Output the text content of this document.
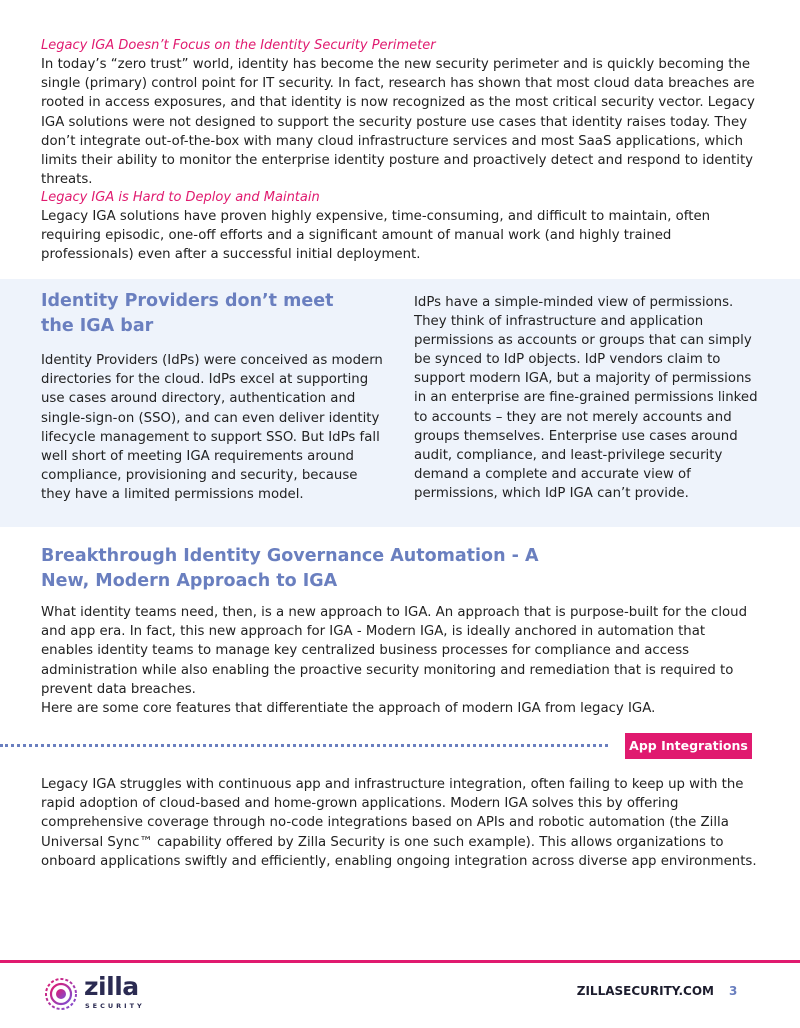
Legacy IGA Doesn’t Focus on the Identity Security Perimeter

In today’s “zero trust” world, identity has become the new security perimeter and is quickly becoming the single (primary) control point for IT security. In fact, research has shown that most cloud data breaches are rooted in access exposures, and that identity is now recognized as the most critical security vector. Legacy IGA solutions were not designed to support the security posture use cases that identity raises today. They don’t integrate out-of-the-box with many cloud infrastructure services and most SaaS applications, which limits their ability to monitor the enterprise identity posture and proactively detect and respond to identity threats.

Legacy IGA is Hard to Deploy and Maintain

Legacy IGA solutions have proven highly expensive, time-consuming, and difficult to maintain, often requiring episodic, one-off efforts and a significant amount of manual work (and highly trained professionals) even after a successful initial deployment.

Identity Providers don’t meet the IGA bar

Identity Providers (IdPs) were conceived as modern directories for the cloud. IdPs excel at supporting use cases around directory, authentication and single-sign-on (SSO), and can even deliver identity lifecycle management to support SSO. But IdPs fall well short of meeting IGA requirements around compliance, provisioning and security, because they have a limited permissions model.

IdPs have a simple-minded view of permissions. They think of infrastructure and application permissions as accounts or groups that can simply be synced to IdP objects. IdP vendors claim to support modern IGA, but a majority of permissions in an enterprise are fine-grained permissions linked to accounts – they are not merely accounts and groups themselves. Enterprise use cases around audit, compliance, and least-privilege security demand a complete and accurate view of permissions, which IdP IGA can’t provide.

Breakthrough Identity Governance Automation - A New, Modern Approach to IGA

What identity teams need, then, is a new approach to IGA. An approach that is purpose-built for the cloud and app era. In fact, this new approach for IGA - Modern IGA, is ideally anchored in automation that enables identity teams to manage key centralized business processes for compliance and access administration while also enabling the proactive security monitoring and remediation that is required to prevent data breaches.

Here are some core features that differentiate the approach of modern IGA from legacy IGA.

App Integrations

Legacy IGA struggles with continuous app and infrastructure integration, often failing to keep up with the rapid adoption of cloud-based and home-grown applications. Modern IGA solves this by offering comprehensive coverage through no-code integrations based on APIs and robotic automation (the Zilla Universal Sync™ capability offered by Zilla Security is one such example). This allows organizations to onboard applications swiftly and efficiently, enabling ongoing integration across diverse app environments.

zilla
SECURITY
ZILLASECURITY.COM 3
